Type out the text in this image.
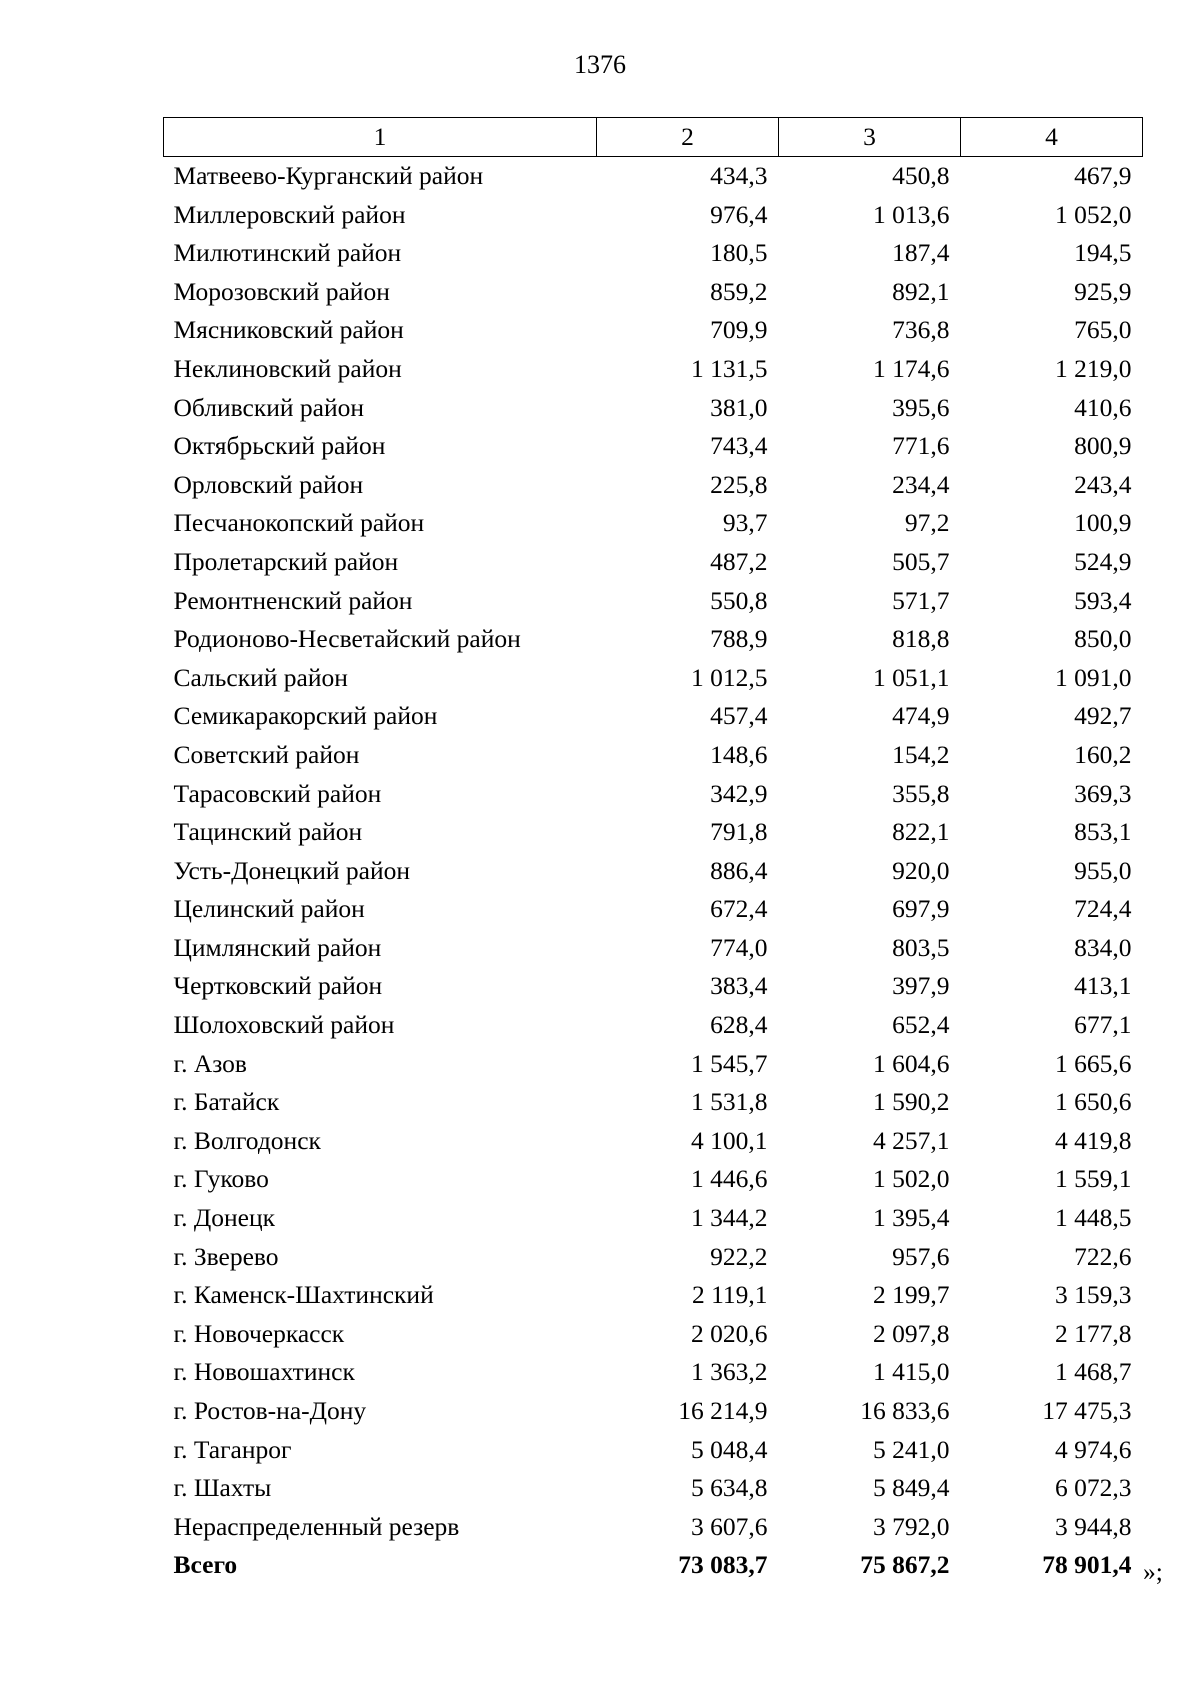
1376
1	2	3	4
Матвеево-Курганский район	434,3	450,8	467,9
Миллеровский район	976,4	1 013,6	1 052,0
Милютинский район	180,5	187,4	194,5
Морозовский район	859,2	892,1	925,9
Мясниковский район	709,9	736,8	765,0
Неклиновский район	1 131,5	1 174,6	1 219,0
Обливский район	381,0	395,6	410,6
Октябрьский район	743,4	771,6	800,9
Орловский район	225,8	234,4	243,4
Песчанокопский район	93,7	97,2	100,9
Пролетарский район	487,2	505,7	524,9
Ремонтненский район	550,8	571,7	593,4
Родионово-Несветайский район	788,9	818,8	850,0
Сальский район	1 012,5	1 051,1	1 091,0
Семикаракорский район	457,4	474,9	492,7
Советский район	148,6	154,2	160,2
Тарасовский район	342,9	355,8	369,3
Тацинский район	791,8	822,1	853,1
Усть-Донецкий район	886,4	920,0	955,0
Целинский район	672,4	697,9	724,4
Цимлянский район	774,0	803,5	834,0
Чертковский район	383,4	397,9	413,1
Шолоховский район	628,4	652,4	677,1
г. Азов	1 545,7	1 604,6	1 665,6
г. Батайск	1 531,8	1 590,2	1 650,6
г. Волгодонск	4 100,1	4 257,1	4 419,8
г. Гуково	1 446,6	1 502,0	1 559,1
г. Донецк	1 344,2	1 395,4	1 448,5
г. Зверево	922,2	957,6	722,6
г. Каменск-Шахтинский	2 119,1	2 199,7	3 159,3
г. Новочеркасск	2 020,6	2 097,8	2 177,8
г. Новошахтинск	1 363,2	1 415,0	1 468,7
г. Ростов-на-Дону	16 214,9	16 833,6	17 475,3
г. Таганрог	5 048,4	5 241,0	4 974,6
г. Шахты	5 634,8	5 849,4	6 072,3
Нераспределенный резерв	3 607,6	3 792,0	3 944,8
Всего	73 083,7	75 867,2	78 901,4 »;
